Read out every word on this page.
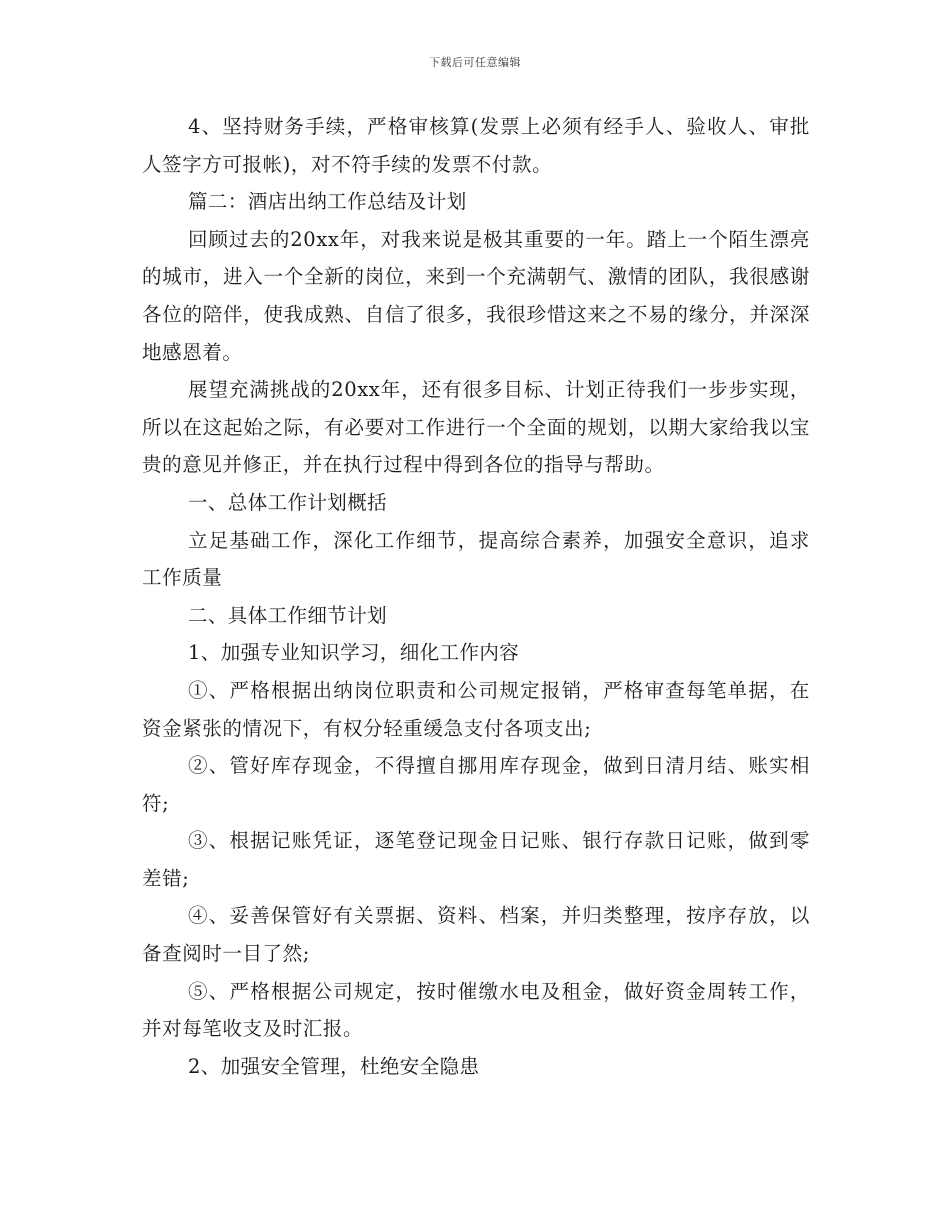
下载后可任意编辑

4、坚持财务手续，严格审核算(发票上必须有经手人、验收人、审批人签字方可报帐)，对不符手续的发票不付款。

篇二：酒店出纳工作总结及计划

回顾过去的20xx年，对我来说是极其重要的一年。踏上一个陌生漂亮的城市，进入一个全新的岗位，来到一个充满朝气、激情的团队，我很感谢各位的陪伴，使我成熟、自信了很多，我很珍惜这来之不易的缘分，并深深地感恩着。

展望充满挑战的20xx年，还有很多目标、计划正待我们一步步实现，所以在这起始之际，有必要对工作进行一个全面的规划，以期大家给我以宝贵的意见并修正，并在执行过程中得到各位的指导与帮助。

一、总体工作计划概括

立足基础工作，深化工作细节，提高综合素养，加强安全意识，追求工作质量

二、具体工作细节计划

1、加强专业知识学习，细化工作内容

①、严格根据出纳岗位职责和公司规定报销，严格审查每笔单据，在资金紧张的情况下，有权分轻重缓急支付各项支出;

②、管好库存现金，不得擅自挪用库存现金，做到日清月结、账实相符;

③、根据记账凭证，逐笔登记现金日记账、银行存款日记账，做到零差错;

④、妥善保管好有关票据、资料、档案，并归类整理，按序存放，以备查阅时一目了然;

⑤、严格根据公司规定，按时催缴水电及租金，做好资金周转工作，并对每笔收支及时汇报。

2、加强安全管理，杜绝安全隐患
